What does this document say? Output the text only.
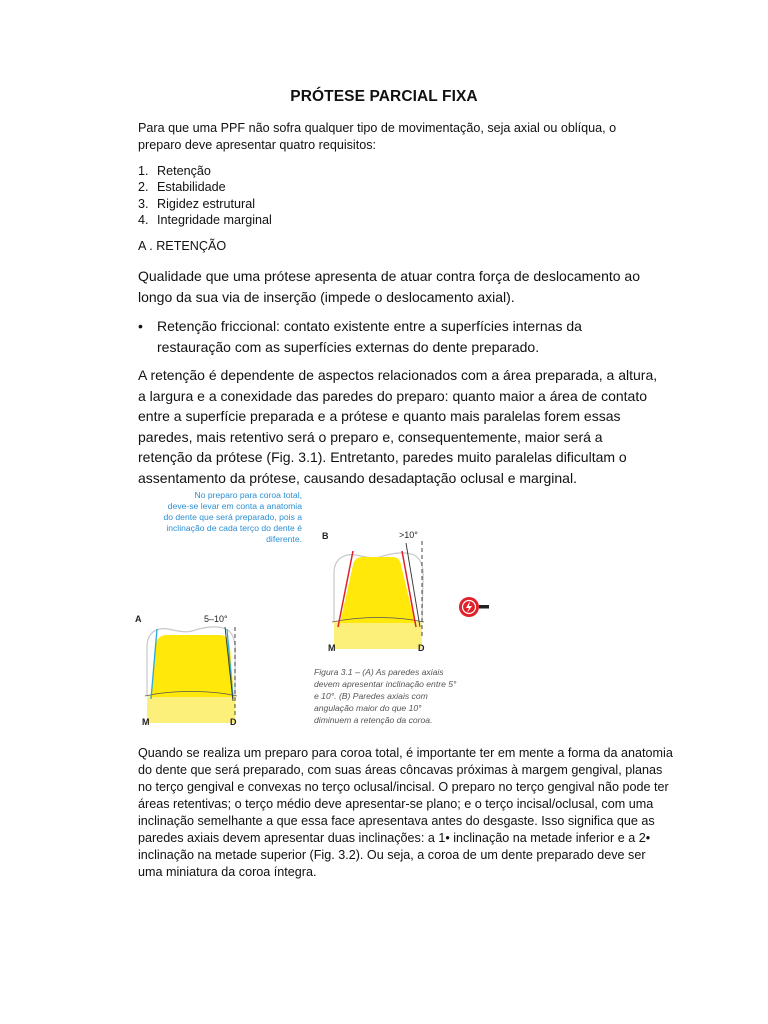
PRÓTESE PARCIAL FIXA
Para que uma PPF não sofra qualquer tipo de movimentação, seja axial ou oblíqua, o preparo deve apresentar quatro requisitos:
1. Retenção
2. Estabilidade
3. Rigidez estrutural
4. Integridade marginal
A . RETENÇÃO
Qualidade que uma prótese apresenta de atuar contra força de deslocamento ao longo da sua via de inserção (impede o deslocamento axial).
• Retenção friccional: contato existente entre a superfícies internas da restauração com as superfícies externas do dente preparado.
A retenção é dependente de aspectos relacionados com a área preparada, a altura, a largura e a conexidade das paredes do preparo: quanto maior a área de contato entre a superfície preparada e a prótese e quanto mais paralelas forem essas paredes, mais retentivo será o preparo e, consequentemente, maior será a retenção da prótese (Fig. 3.1). Entretanto, paredes muito paralelas dificultam o assentamento da prótese, causando desadaptação oclusal e marginal.
No preparo para coroa total,
deve-se levar em conta a anatomia
do dente que será preparado, pois a
inclinação de cada terço do dente é
diferente.
A	5–10°
M	D
B	>10°
M	D
Figura 3.1 – (A) As paredes axiais
devem apresentar inclinação entre 5°
e 10°. (B) Paredes axiais com
angulação maior do que 10°
diminuem a retenção da coroa.
Quando se realiza um preparo para coroa total, é importante ter em mente a forma da anatomia do dente que será preparado, com suas áreas côncavas próximas à margem gengival, planas no terço gengival e convexas no terço oclusal/incisal. O preparo no terço gengival não pode ter áreas retentivas; o terço médio deve apresentar-se plano; e o terço incisal/oclusal, com uma inclinação semelhante a que essa face apresentava antes do desgaste. Isso significa que as paredes axiais devem apresentar duas inclinações: a 1• inclinação na metade inferior e a 2• inclinação na metade superior (Fig. 3.2). Ou seja, a coroa de um dente preparado deve ser uma miniatura da coroa íntegra.
